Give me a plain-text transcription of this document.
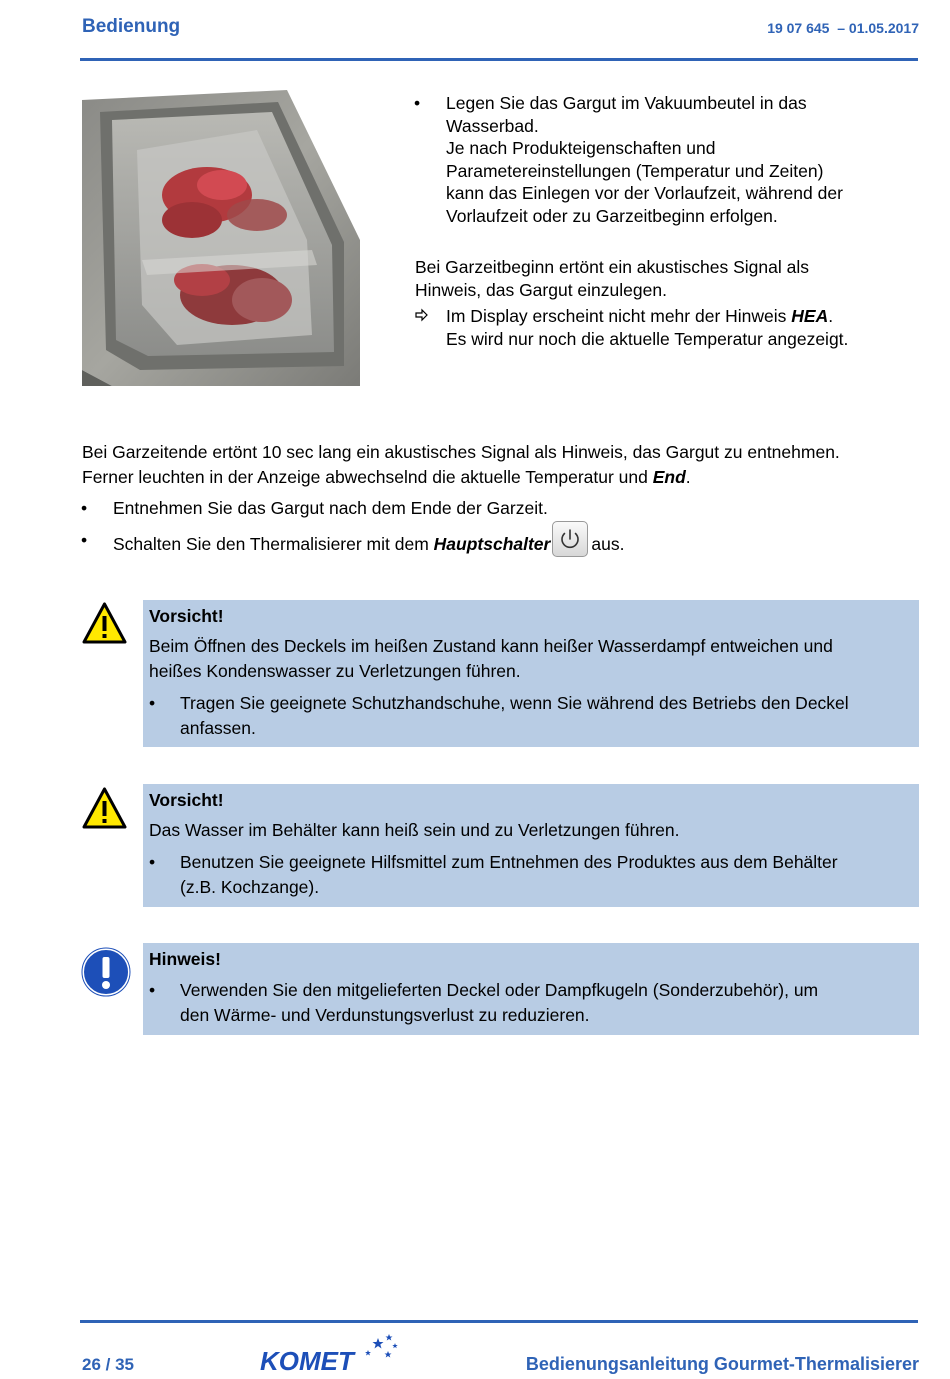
Bedienung	19 07 645  – 01.05.2017
• Legen Sie das Gargut im Vakuumbeutel in das
Wasserbad.
Je nach Produkteigenschaften und
Parametereinstellungen (Temperatur und Zeiten)
kann das Einlegen vor der Vorlaufzeit, während der
Vorlaufzeit oder zu Garzeitbeginn erfolgen.
Bei Garzeitbeginn ertönt ein akustisches Signal als
Hinweis, das Gargut einzulegen.
Im Display erscheint nicht mehr der Hinweis HEA.
Es wird nur noch die aktuelle Temperatur angezeigt.
Bei Garzeitende ertönt 10 sec lang ein akustisches Signal als Hinweis, das Gargut zu entnehmen.
Ferner leuchten in der Anzeige abwechselnd die aktuelle Temperatur und End.
• Entnehmen Sie das Gargut nach dem Ende der Garzeit.
• Schalten Sie den Thermalisierer mit dem Hauptschalter aus.
Vorsicht!
Beim Öffnen des Deckels im heißen Zustand kann heißer Wasserdampf entweichen und
heißes Kondenswasser zu Verletzungen führen.
• Tragen Sie geeignete Schutzhandschuhe, wenn Sie während des Betriebs den Deckel
anfassen.
Vorsicht!
Das Wasser im Behälter kann heiß sein und zu Verletzungen führen.
• Benutzen Sie geeignete Hilfsmittel zum Entnehmen des Produktes aus dem Behälter
(z.B. Kochzange).
Hinweis!
• Verwenden Sie den mitgelieferten Deckel oder Dampfkugeln (Sonderzubehör), um
den Wärme- und Verdunstungsverlust zu reduzieren.
26 / 35	KOMET	Bedienungsanleitung Gourmet-Thermalisierer
